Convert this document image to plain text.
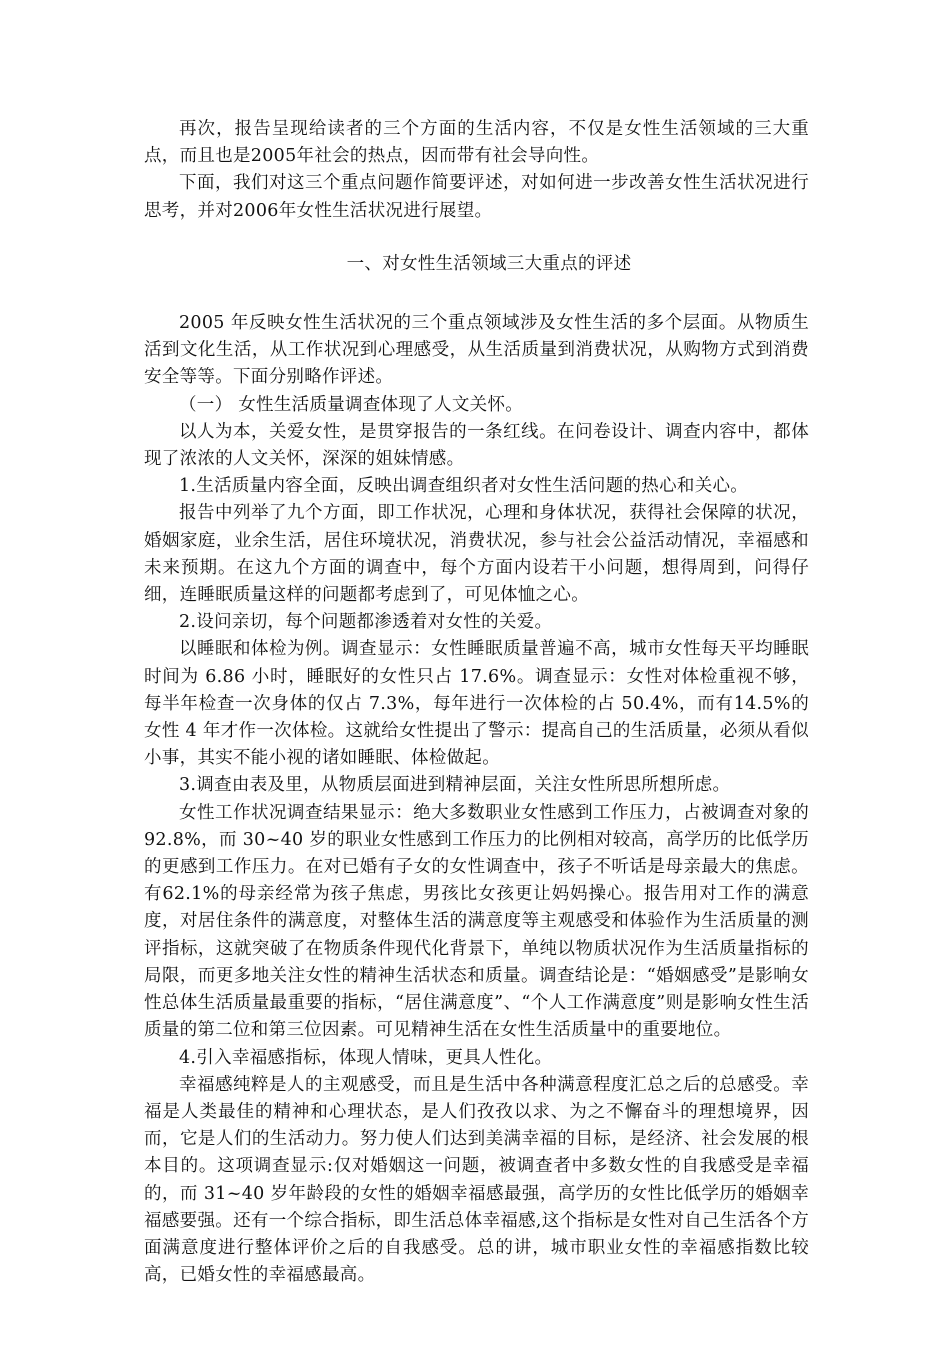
再次，报告呈现给读者的三个方面的生活内容，不仅是女性生活领域的三大重点，而且也是2005年社会的热点，因而带有社会导向性。

下面，我们对这三个重点问题作简要评述，对如何进一步改善女性生活状况进行思考，并对2006年女性生活状况进行展望。

一、对女性生活领域三大重点的评述

2005 年反映女性生活状况的三个重点领域涉及女性生活的多个层面。从物质生活到文化生活，从工作状况到心理感受，从生活质量到消费状况，从购物方式到消费安全等等。下面分别略作评述。

（一） 女性生活质量调查体现了人文关怀。

以人为本，关爱女性，是贯穿报告的一条红线。在问卷设计、调查内容中，都体现了浓浓的人文关怀，深深的姐妹情感。

1.生活质量内容全面，反映出调查组织者对女性生活问题的热心和关心。

报告中列举了九个方面，即工作状况，心理和身体状况，获得社会保障的状况，婚姻家庭，业余生活，居住环境状况，消费状况，参与社会公益活动情况，幸福感和未来预期。在这九个方面的调查中，每个方面内设若干小问题，想得周到，问得仔细，连睡眠质量这样的问题都考虑到了，可见体恤之心。

2.设问亲切，每个问题都渗透着对女性的关爱。

以睡眠和体检为例。调查显示：女性睡眠质量普遍不高，城市女性每天平均睡眠时间为 6.86 小时，睡眠好的女性只占 17.6%。调查显示：女性对体检重视不够，每半年检查一次身体的仅占 7.3%，每年进行一次体检的占 50.4%，而有14.5%的女性 4 年才作一次体检。这就给女性提出了警示：提高自己的生活质量，必须从看似小事，其实不能小视的诸如睡眠、体检做起。

3.调查由表及里，从物质层面进到精神层面，关注女性所思所想所虑。

女性工作状况调查结果显示：绝大多数职业女性感到工作压力，占被调查对象的92.8%，而 30~40 岁的职业女性感到工作压力的比例相对较高，高学历的比低学历的更感到工作压力。在对已婚有子女的女性调查中，孩子不听话是母亲最大的焦虑。有62.1%的母亲经常为孩子焦虑，男孩比女孩更让妈妈操心。报告用对工作的满意度，对居住条件的满意度，对整体生活的满意度等主观感受和体验作为生活质量的测评指标，这就突破了在物质条件现代化背景下，单纯以物质状况作为生活质量指标的局限，而更多地关注女性的精神生活状态和质量。调查结论是：“婚姻感受”是影响女性总体生活质量最重要的指标，“居住满意度”、“个人工作满意度”则是影响女性生活质量的第二位和第三位因素。可见精神生活在女性生活质量中的重要地位。

4.引入幸福感指标，体现人情味，更具人性化。

幸福感纯粹是人的主观感受，而且是生活中各种满意程度汇总之后的总感受。幸福是人类最佳的精神和心理状态，是人们孜孜以求、为之不懈奋斗的理想境界，因而，它是人们的生活动力。努力使人们达到美满幸福的目标，是经济、社会发展的根本目的。这项调查显示:仅对婚姻这一问题，被调查者中多数女性的自我感受是幸福的，而 31~40 岁年龄段的女性的婚姻幸福感最强，高学历的女性比低学历的婚姻幸福感要强。还有一个综合指标，即生活总体幸福感,这个指标是女性对自己生活各个方面满意度进行整体评价之后的自我感受。总的讲，城市职业女性的幸福感指数比较高，已婚女性的幸福感最高。
